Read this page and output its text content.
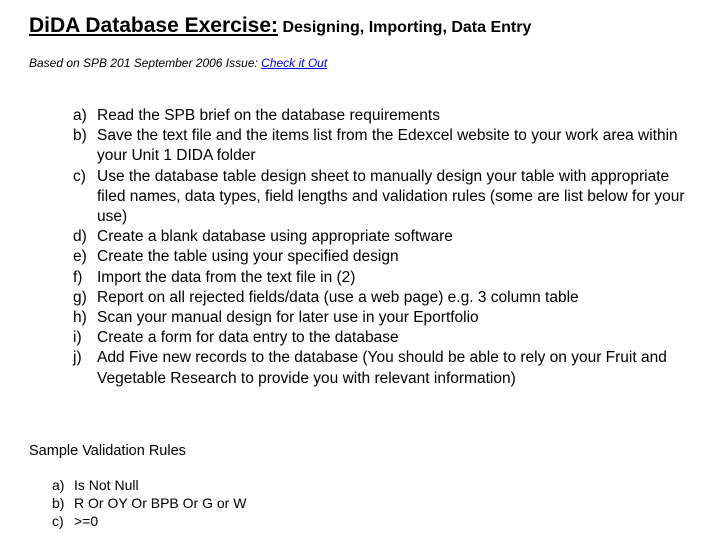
DiDA Database Exercise: Designing, Importing, Data Entry
Based on SPB 201 September 2006 Issue: Check it Out
a) Read the SPB brief on the database requirements
b) Save the text file and the items list from the Edexcel website to your work area within your Unit 1 DIDA folder
c) Use the database table design sheet to manually design your table with appropriate filed names, data types, field lengths and validation rules (some are list below for your use)
d) Create a blank database using appropriate software
e) Create the table using your specified design
f) Import the data from the text file in (2)
g) Report on all rejected fields/data (use a web page) e.g. 3 column table
h) Scan your manual design for later use in your Eportfolio
i) Create a form for data entry to the database
j) Add Five new records to the database (You should be able to rely on your Fruit and Vegetable Research to provide you with relevant information)
Sample Validation Rules
a) Is Not Null
b) R Or OY Or BPB Or G or W
c) >=0
